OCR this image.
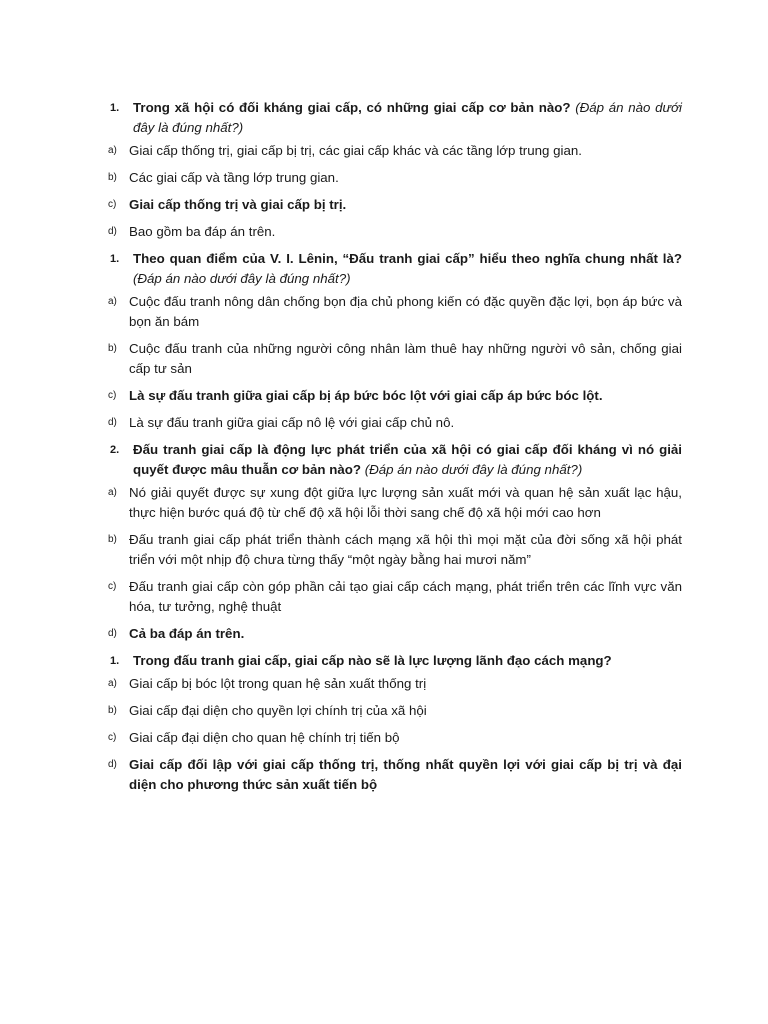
1. Trong xã hội có đối kháng giai cấp, có những giai cấp cơ bản nào? (Đáp án nào dưới đây là đúng nhất?)
a) Giai cấp thống trị, giai cấp bị trị, các giai cấp khác và các tầng lớp trung gian.
b) Các giai cấp và tầng lớp trung gian.
c) Giai cấp thống trị và giai cấp bị trị.
d) Bao gồm ba đáp án trên.
1. Theo quan điểm của V. I. Lênin, “Đấu tranh giai cấp” hiểu theo nghĩa chung nhất là? (Đáp án nào dưới đây là đúng nhất?)
a) Cuộc đấu tranh nông dân chống bọn địa chủ phong kiến có đặc quyền đặc lợi, bọn áp bức và bọn ăn bám
b) Cuộc đấu tranh của những người công nhân làm thuê hay những người vô sản, chống giai cấp tư sản
c) Là sự đấu tranh giữa giai cấp bị áp bức bóc lột với giai cấp áp bức bóc lột.
d) Là sự đấu tranh giữa giai cấp nô lệ với giai cấp chủ nô.
2. Đấu tranh giai cấp là động lực phát triển của xã hội có giai cấp đối kháng vì nó giải quyết được mâu thuẫn cơ bản nào? (Đáp án nào dưới đây là đúng nhất?)
a) Nó giải quyết được sự xung đột giữa lực lượng sản xuất mới và quan hệ sản xuất lạc hậu, thực hiện bước quá độ từ chế độ xã hội lỗi thời sang chế độ xã hội mới cao hơn
b) Đấu tranh giai cấp phát triển thành cách mạng xã hội thì mọi mặt của đời sống xã hội phát triển với một nhịp độ chưa từng thấy “một ngày bằng hai mươi năm”
c) Đấu tranh giai cấp còn góp phần cải tạo giai cấp cách mạng, phát triển trên các lĩnh vực văn hóa, tư tưởng, nghệ thuật
d) Cả ba đáp án trên.
1. Trong đấu tranh giai cấp, giai cấp nào sẽ là lực lượng lãnh đạo cách mạng?
a) Giai cấp bị bóc lột trong quan hệ sản xuất thống trị
b) Giai cấp đại diện cho quyền lợi chính trị của xã hội
c) Giai cấp đại diện cho quan hệ chính trị tiến bộ
d) Giai cấp đối lập với giai cấp thống trị, thống nhất quyền lợi với giai cấp bị trị và đại diện cho phương thức sản xuất tiến bộ
